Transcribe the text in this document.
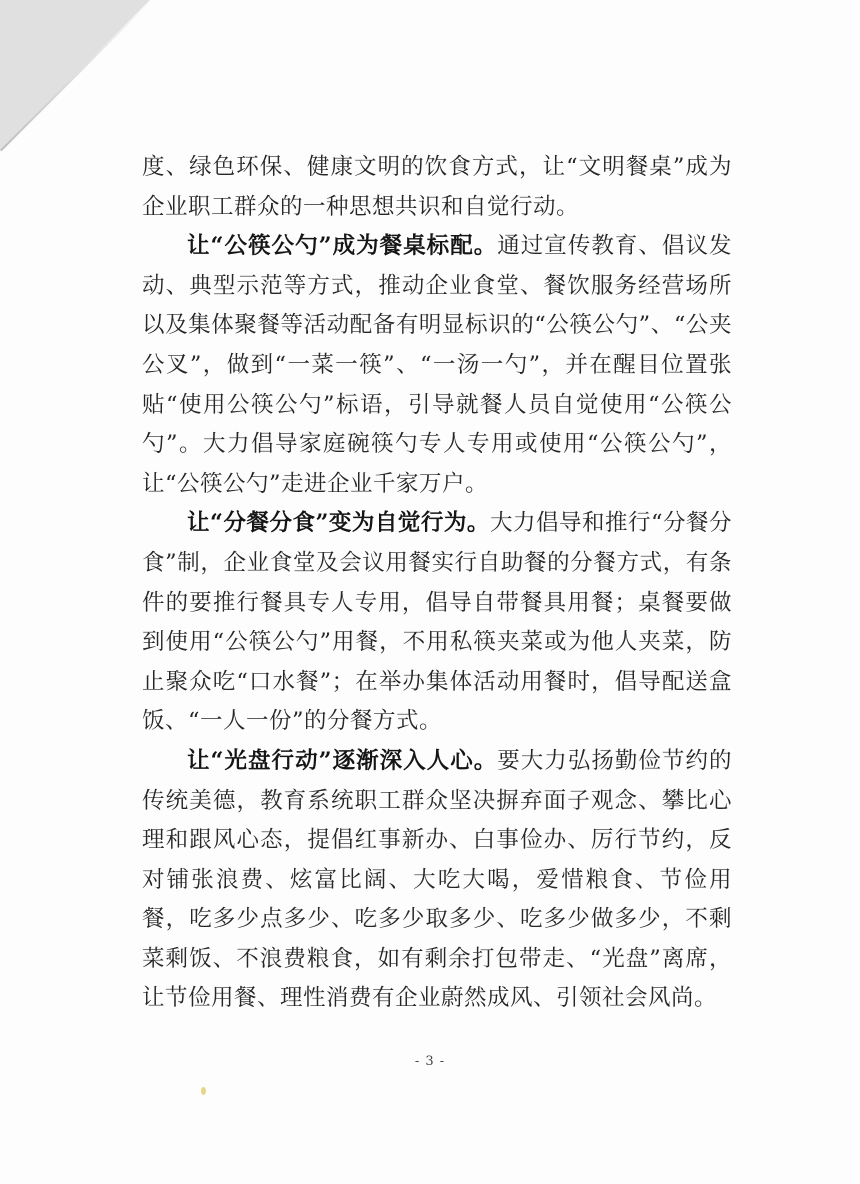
度、绿色环保、健康文明的饮食方式，让“文明餐桌”成为企业职工群众的一种思想共识和自觉行动。

让“公筷公勺”成为餐桌标配。通过宣传教育、倡议发动、典型示范等方式，推动企业食堂、餐饮服务经营场所以及集体聚餐等活动配备有明显标识的“公筷公勺”、“公夹公叉”，做到“一菜一筷”、“一汤一勺”，并在醒目位置张贴“使用公筷公勺”标语，引导就餐人员自觉使用“公筷公勺”。大力倡导家庭碗筷勺专人专用或使用“公筷公勺”，让“公筷公勺”走进企业千家万户。

让“分餐分食”变为自觉行为。大力倡导和推行“分餐分食”制，企业食堂及会议用餐实行自助餐的分餐方式，有条件的要推行餐具专人专用，倡导自带餐具用餐；桌餐要做到使用“公筷公勺”用餐，不用私筷夹菜或为他人夹菜，防止聚众吃“口水餐”；在举办集体活动用餐时，倡导配送盒饭、“一人一份”的分餐方式。

让“光盘行动”逐渐深入人心。要大力弘扬勤俭节约的传统美德，教育系统职工群众坚决摒弃面子观念、攀比心理和跟风心态，提倡红事新办、白事俭办、厉行节约，反对铺张浪费、炫富比阔、大吃大喝，爱惜粮食、节俭用餐，吃多少点多少、吃多少取多少、吃多少做多少，不剩菜剩饭、不浪费粮食，如有剩余打包带走、“光盘”离席，让节俭用餐、理性消费有企业蔚然成风、引领社会风尚。

- 3 -
